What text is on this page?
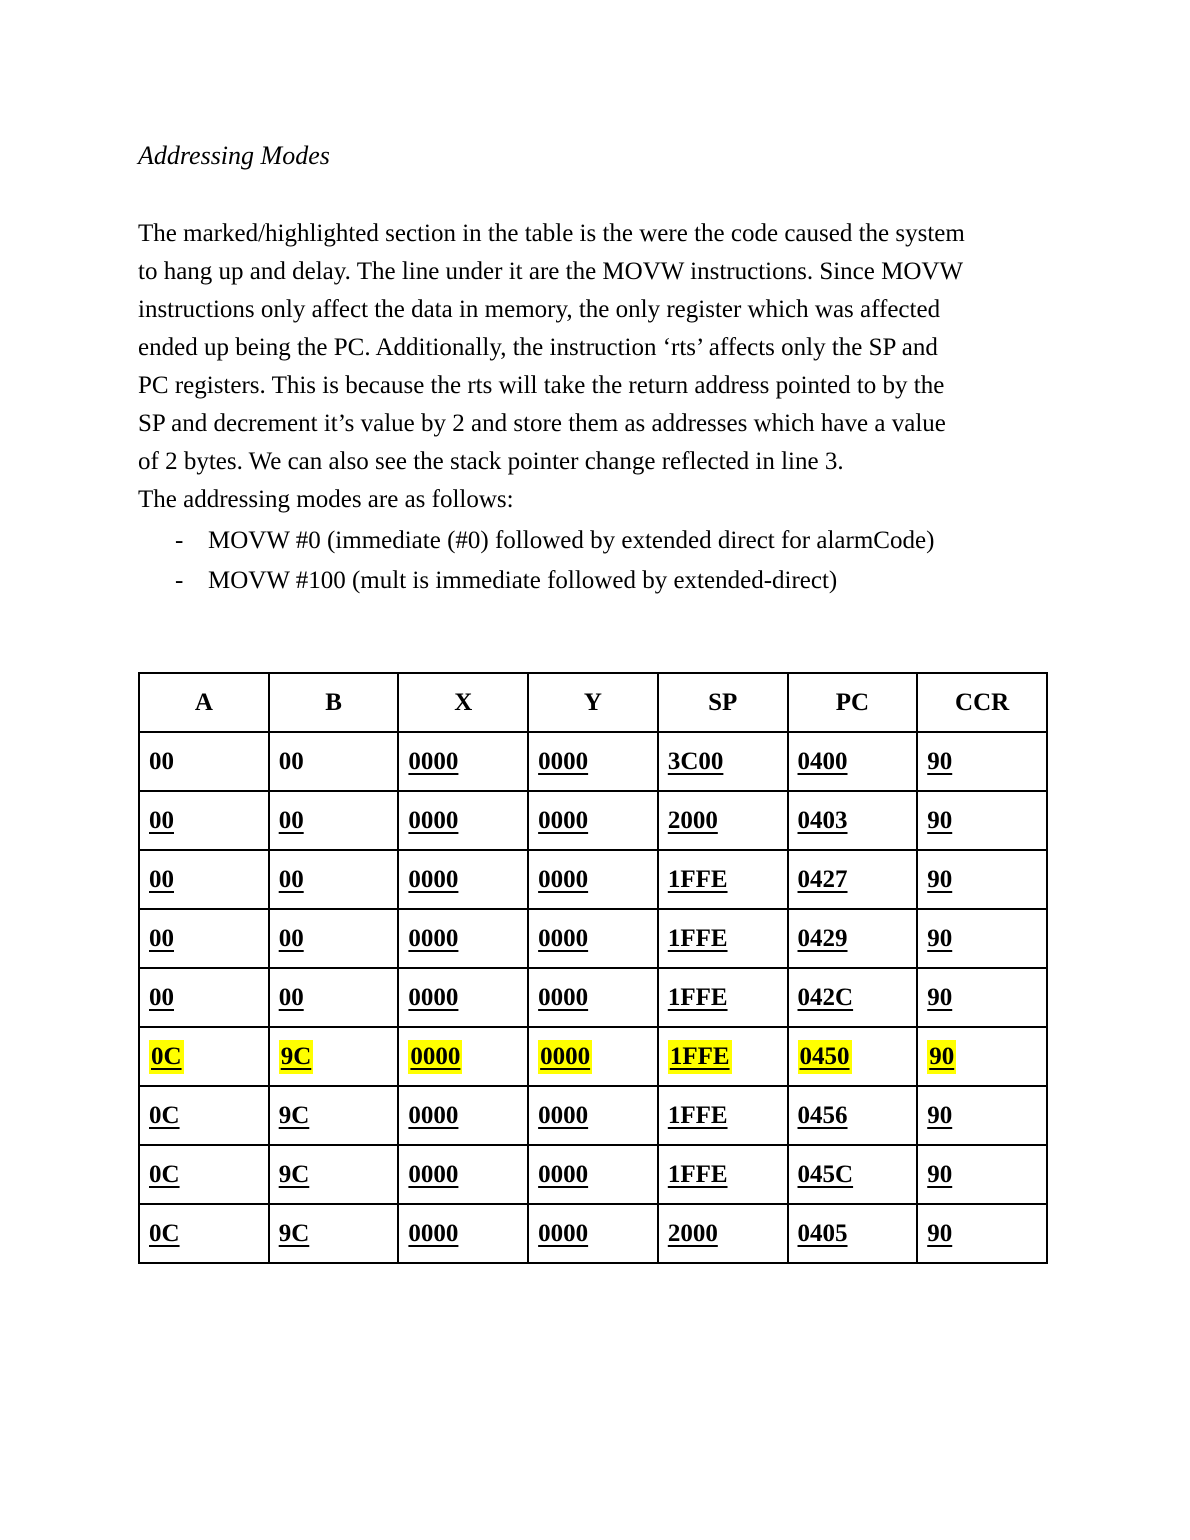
Addressing Modes
The marked/highlighted section in the table is the were the code caused the system
to hang up and delay. The line under it are the MOVW instructions. Since MOVW
instructions only affect the data in memory, the only register which was affected
ended up being the PC. Additionally, the instruction ‘rts’ affects only the SP and
PC registers. This is because the rts will take the return address pointed to by the
SP and decrement it’s value by 2 and store them as addresses which have a value
of 2 bytes. We can also see the stack pointer change reflected in line 3.
The addressing modes are as follows:
- MOVW #0 (immediate (#0) followed by extended direct for alarmCode)
- MOVW #100 (mult is immediate followed by extended-direct)
A	B	X	Y	SP	PC	CCR
00	00	0000	0000	3C00	0400	90
00	00	0000	0000	2000	0403	90
00	00	0000	0000	1FFE	0427	90
00	00	0000	0000	1FFE	0429	90
00	00	0000	0000	1FFE	042C	90
0C	9C	0000	0000	1FFE	0450	90
0C	9C	0000	0000	1FFE	0456	90
0C	9C	0000	0000	1FFE	045C	90
0C	9C	0000	0000	2000	0405	90
